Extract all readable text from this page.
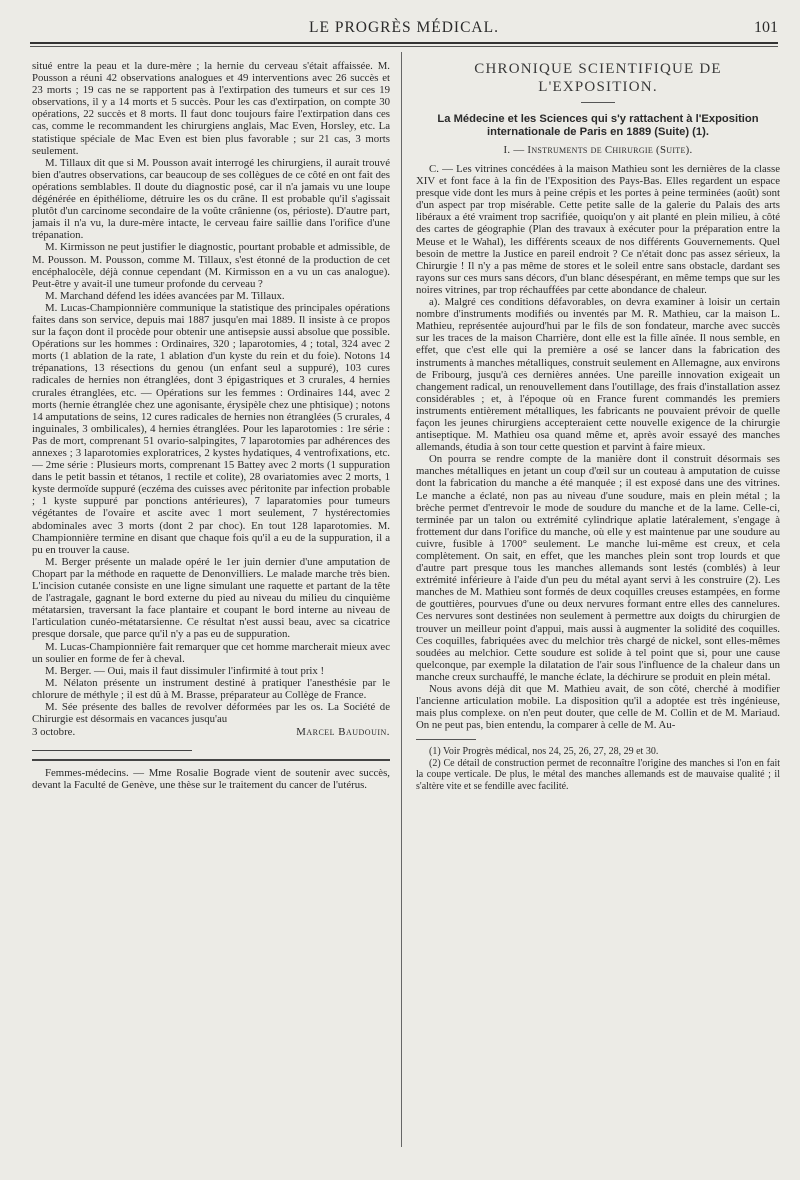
LE PROGRÈS MÉDICAL.	101

situé entre la peau et la dure-mère ; la hernie du cerveau s'était affaissée. M. Pousson a réuni 42 observations analogues et 49 interventions avec 26 succès et 23 morts ; 19 cas ne se rapportent pas à l'extirpation des tumeurs et sur ces 19 observations, il y a 14 morts et 5 succès. Pour les cas d'extirpation, on compte 30 opérations, 22 succès et 8 morts. Il faut donc toujours faire l'extirpation dans ces cas, comme le recommandent les chirurgiens anglais, Mac Even, Horsley, etc. La statistique spéciale de Mac Even est bien plus favorable ; sur 21 cas, 3 morts seulement.

M. Tillaux dit que si M. Pousson avait interrogé les chirurgiens, il aurait trouvé bien d'autres observations, car beaucoup de ses collègues de ce côté en ont fait des opérations semblables. Il doute du diagnostic posé, car il n'a jamais vu une loupe dégénérée en épithéliome, détruire les os du crâne. Il est probable qu'il s'agissait plutôt d'un carcinome secondaire de la voûte crânienne (os, périoste). D'autre part, jamais il n'a vu, la dure-mère intacte, le cerveau faire saillie dans l'orifice d'une trépanation.

M. Kirmisson ne peut justifier le diagnostic, pourtant probable et admissible, de M. Pousson. M. Pousson, comme M. Tillaux, s'est étonné de la production de cet encéphalocèle, déjà connue cependant (M. Kirmisson en a vu un cas analogue). Peut-être y avait-il une tumeur profonde du cerveau ?

M. Marchand défend les idées avancées par M. Tillaux.

M. Lucas-Championnière communique la statistique des principales opérations faites dans son service, depuis mai 1887 jusqu'en mai 1889. Il insiste à ce propos sur la façon dont il procède pour obtenir une antisepsie aussi absolue que possible. Opérations sur les hommes : Ordinaires, 320 ; laparotomies, 4 ; total, 324 avec 2 morts (1 ablation de la rate, 1 ablation d'un kyste du rein et du foie). Notons 14 trépanations, 13 résections du genou (un enfant seul a suppuré), 103 cures radicales de hernies non étranglées, dont 3 épigastriques et 3 crurales, 4 hernies crurales étranglées, etc. — Opérations sur les femmes : Ordinaires 144, avec 2 morts (hernie étranglée chez une agonisante, érysipèle chez une phtisique) ; notons 14 amputations de seins, 12 cures radicales de hernies non étranglées (5 crurales, 4 inguinales, 3 ombilicales), 4 hernies étranglées. Pour les laparotomies : 1re série : Pas de mort, comprenant 51 ovario-salpingites, 7 laparotomies par adhérences des annexes ; 3 laparotomies exploratrices, 2 kystes hydatiques, 4 ventrofixations, etc. — 2me série : Plusieurs morts, comprenant 15 Battey avec 2 morts (1 suppuration dans le petit bassin et tétanos, 1 rectile et colite), 28 ovariatomies avec 2 morts, 1 kyste dermoïde suppuré (eczéma des cuisses avec péritonite par infection probable ; 1 kyste suppuré par ponctions antérieures), 7 laparatomies pour tumeurs végétantes de l'ovaire et ascite avec 1 mort seulement, 7 hystérectomies abdominales avec 3 morts (dont 2 par choc). En tout 128 laparotomies. M. Championnière termine en disant que chaque fois qu'il a eu de la suppuration, il a pu en trouver la cause.

M. Berger présente un malade opéré le 1er juin dernier d'une amputation de Chopart par la méthode en raquette de Denonvilliers. Le malade marche très bien. L'incision cutanée consiste en une ligne simulant une raquette et partant de la tête de l'astragale, gagnant le bord externe du pied au niveau du milieu du cinquième métatarsien, traversant la face plantaire et coupant le bord interne au niveau de l'articulation cunéo-métatarsienne. Ce résultat n'est aussi beau, avec sa cicatrice presque dorsale, que parce qu'il n'y a pas eu de suppuration.

M. Lucas-Championnière fait remarquer que cet homme marcherait mieux avec un soulier en forme de fer à cheval.

M. Berger. — Oui, mais il faut dissimuler l'infirmité à tout prix !

M. Nélaton présente un instrument destiné à pratiquer l'anesthésie par le chlorure de méthyle ; il est dû à M. Brasse, préparateur au Collège de France.

M. Sée présente des balles de revolver déformées par les os. La Société de Chirurgie est désormais en vacances jusqu'au

3 octobre.	Marcel Baudouin.

Femmes-médecins. — Mme Rosalie Bograde vient de soutenir avec succès, devant la Faculté de Genève, une thèse sur le traitement du cancer de l'utérus.

CHRONIQUE SCIENTIFIQUE DE L'EXPOSITION.
La Médecine et les Sciences qui s'y rattachent à l'Exposition internationale de Paris en 1889 (Suite) (1).
I. — Instruments de Chirurgie (Suite).

C. — Les vitrines concédées à la maison Mathieu sont les dernières de la classe XIV et font face à la fin de l'Exposition des Pays-Bas. Elles regardent un espace presque vide dont les murs à peine crépis et les portes à peine terminées (août) sont d'un aspect par trop misérable. Cette petite salle de la galerie du Palais des arts libéraux a été vraiment trop sacrifiée, quoiqu'on y ait planté en plein milieu, à côté des cartes de géographie (Plan des travaux à exécuter pour la préparation entre la Meuse et le Wahal), les différents sceaux de nos différents Gouvernements. Quel besoin de mettre la Justice en pareil endroit ? Ce n'était donc pas assez sérieux, la Chirurgie ! Il n'y a pas même de stores et le soleil entre sans obstacle, dardant ses rayons sur ces murs sans décors, d'un blanc désespérant, en même temps que sur les noires vitrines, par trop réchauffées par cette abondance de chaleur.

a). Malgré ces conditions défavorables, on devra examiner à loisir un certain nombre d'instruments modifiés ou inventés par M. R. Mathieu, car la maison L. Mathieu, représentée aujourd'hui par le fils de son fondateur, marche avec succès sur les traces de la maison Charrière, dont elle est la fille aînée. Il nous semble, en effet, que c'est elle qui la première a osé se lancer dans la fabrication des instruments à manches métalliques, construit seulement en Allemagne, aux environs de Fribourg, jusqu'à ces dernières années. Une pareille innovation exigeait un changement radical, un renouvellement dans l'outillage, des frais d'installation assez considérables ; et, à l'époque où en France furent commandés les premiers instruments entièrement métalliques, les fabricants ne pouvaient prévoir de quelle façon les jeunes chirurgiens accepteraient cette nouvelle exigence de la chirurgie antiseptique. M. Mathieu osa quand même et, après avoir essayé des manches allemands, étudia à son tour cette question et parvint à faire mieux.

On pourra se rendre compte de la manière dont il construit désormais ses manches métalliques en jetant un coup d'œil sur un couteau à amputation de cuisse dont la fabrication du manche a été manquée ; il est exposé dans une des vitrines. Le manche a éclaté, non pas au niveau d'une soudure, mais en plein métal ; la brèche permet d'entrevoir le mode de soudure du manche et de la lame. Celle-ci, terminée par un talon ou extrémité cylindrique aplatie latéralement, s'engage à frottement dur dans l'orifice du manche, où elle y est maintenue par une soudure au cuivre, fusible à 1700° seulement. Le manche lui-même est creux, et cela complètement. On sait, en effet, que les manches plein sont trop lourds et que d'autre part presque tous les manches allemands sont lestés (comblés) à leur extrémité inférieure à l'aide d'un peu du métal ayant servi à les construire (2). Les manches de M. Mathieu sont formés de deux coquilles creuses estampées, en forme de gouttières, pourvues d'une ou deux nervures formant entre elles des cannelures. Ces nervures sont destinées non seulement à permettre aux doigts du chirurgien de trouver un meilleur point d'appui, mais aussi à augmenter la solidité des coquilles. Ces coquilles, fabriquées avec du melchior très chargé de nickel, sont elles-mêmes soudées au melchior. Cette soudure est solide à tel point que si, pour une cause quelconque, par exemple la dilatation de l'air sous l'influence de la chaleur dans un manche creux surchauffé, le manche éclate, la déchirure se produit en plein métal.

Nous avons déjà dit que M. Mathieu avait, de son côté, cherché à modifier l'ancienne articulation mobile. La disposition qu'il a adoptée est très ingénieuse, mais plus complexe. on n'en peut douter, que celle de M. Collin et de M. Mariaud. On ne peut pas, bien entendu, la comparer à celle de M. Au-

(1) Voir Progrès médical, nos 24, 25, 26, 27, 28, 29 et 30.

(2) Ce détail de construction permet de reconnaître l'origine des manches si l'on en fait la coupe verticale. De plus, le métal des manches allemands est de mauvaise qualité ; il s'altère vite et se fendille avec facilité.
